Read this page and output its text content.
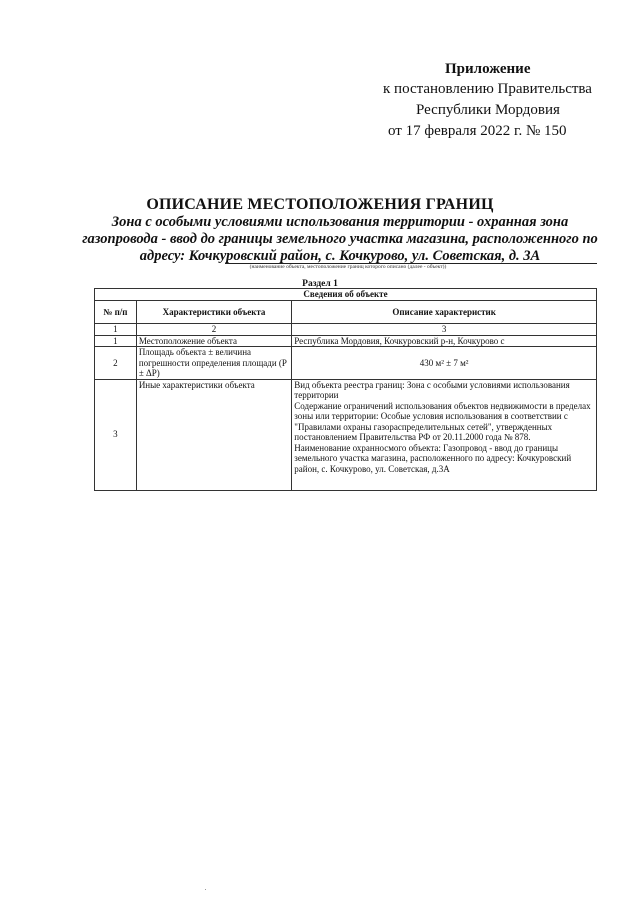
Приложение
к постановлению Правительства
Республики Мордовия
от 17 февраля 2022 г. № 150
ОПИСАНИЕ МЕСТОПОЛОЖЕНИЯ ГРАНИЦ
Зона с особыми условиями использования территории - охранная зона газопровода - ввод до границы земельного участка магазина, расположенного по адресу: Кочкуровский район, с. Кочкурово, ул. Советская, д. 3А
(наименование объекта, местоположение границ которого описано (далее - объект))
Раздел 1
Сведения об объекте		
№ п/п	Характеристики объекта	Описание характеристик
1	2	3
1	Местоположение объекта	Республика Мордовия, Кочкуровский р-н, Кочкурово с
2	Площадь объекта ± величина погрешности определения площади (P ± ΔP)	430 м² ± 7 м²
3	Иные характеристики объекта	Вид объекта реестра границ: Зона с особыми условиями использования территории
Содержание ограничений использования объектов недвижимости в пределах зоны или территории: Особые условия использования в соответствии с "Правилами охраны газораспределительных сетей", утвержденных постановлением Правительства РФ от 20.11.2000 года № 878.
Наименование охранносмого объекта: Газопровод - ввод до границы земельного участка магазина, расположенного по адресу: Кочкуровский район, с. Кочкурово, ул. Советская, д.3А
